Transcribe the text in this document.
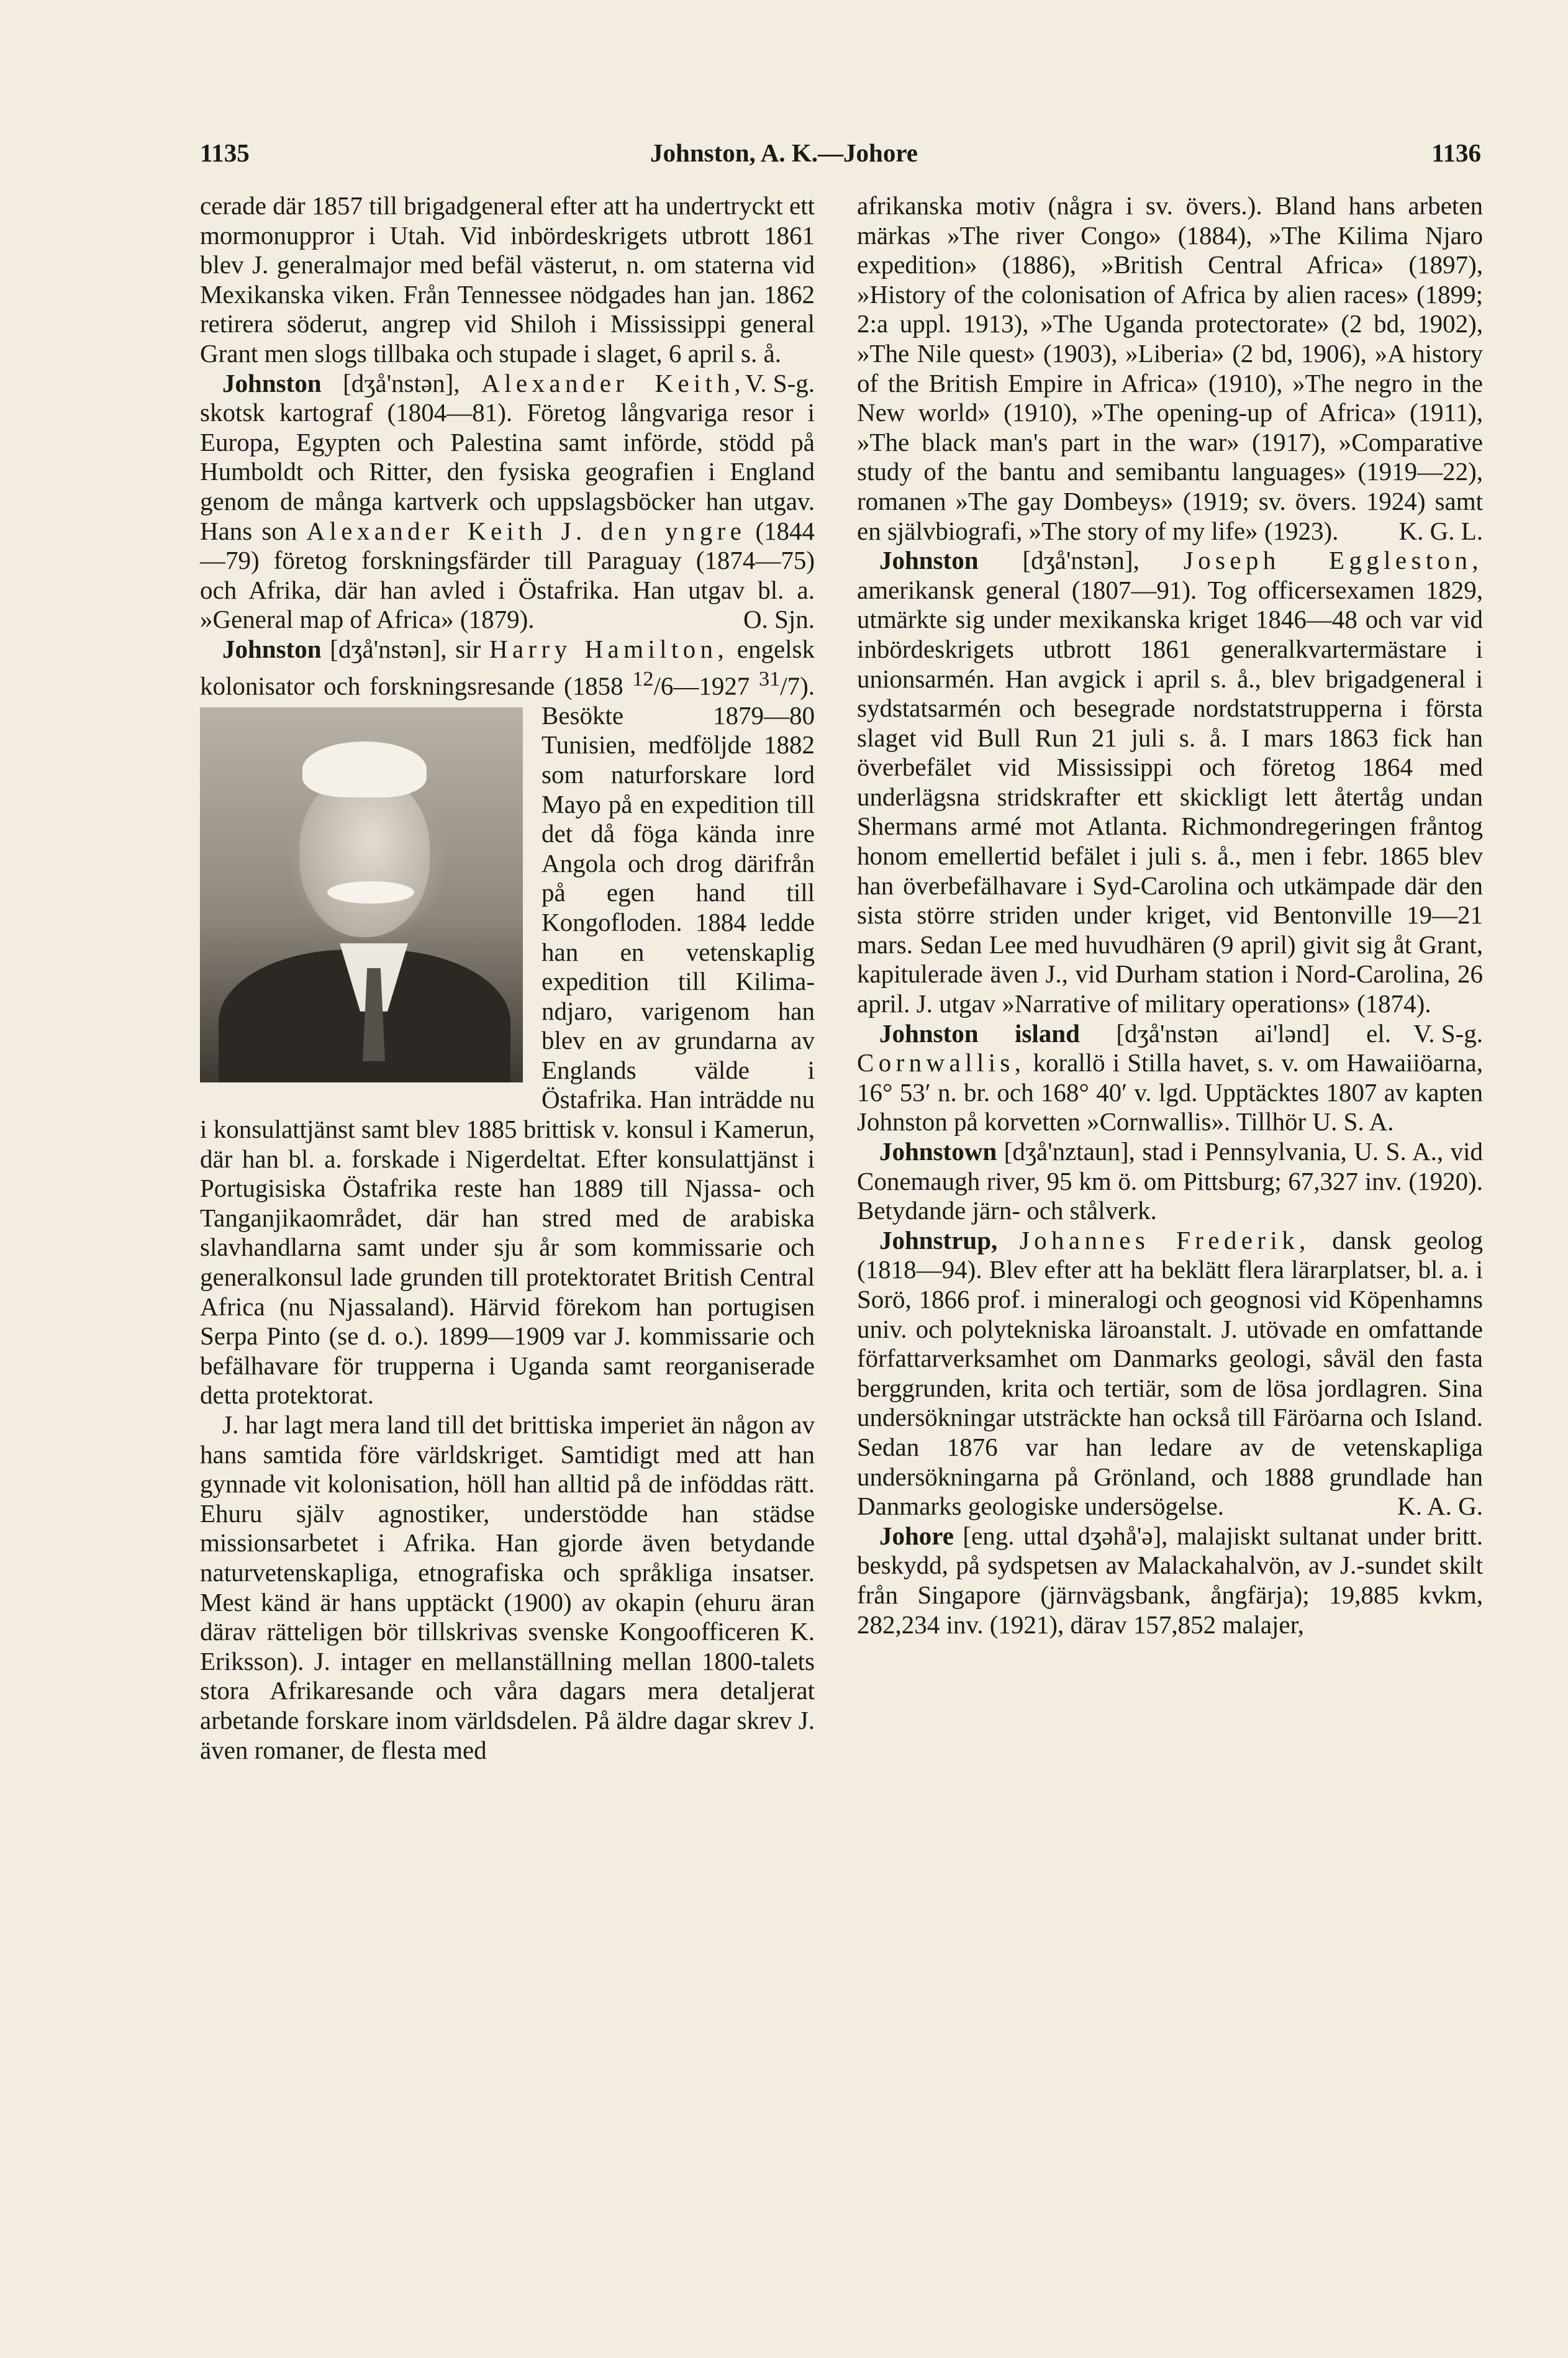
1135	Johnston, A. K.—Johore	1136

cerade där 1857 till brigadgeneral efter att ha undertryckt ett mormonuppror i Utah. Vid inbördeskrigets utbrott 1861 blev J. generalmajor med befäl västerut, n. om staterna vid Mexikanska viken. Från Tennessee nödgades han jan. 1862 retirera söderut, angrep vid Shiloh i Mississippi general Grant men slogs tillbaka och stupade i slaget, 6 april s. å.
V. S-g.

Johnston [dʒå'nstən], Alexander Keith, skotsk kartograf (1804—81). Företog långvariga resor i Europa, Egypten och Palestina samt införde, stödd på Humboldt och Ritter, den fysiska geografien i England genom de många kartverk och uppslagsböcker han utgav. Hans son Alexander Keith J. den yngre (1844—79) företog forskningsfärder till Paraguay (1874—75) och Afrika, där han avled i Östafrika. Han utgav bl. a. »General map of Africa» (1879).	O. Sjn.

Johnston [dʒå'nstən], sir Harry Hamilton, engelsk kolonisator och forskningsresande (1858 $^{12}$/6—1927 $^{31}$/7
). Besökte 1879—80 Tunisien, medföljde 1882 som naturforskare lord Mayo på en expedition till det då föga kända inre Angola och drog därifrån på egen hand till Kongofloden. 1884 ledde han en vetenskaplig expedition till Kilima-ndjaro, varigenom han blev en av grundarna av Englands välde i Östafrika. Han inträdde nu i konsulattjänst samt blev 1885 brittisk v. konsul i Kamerun, där han bl. a. forskade i Nigerdeltat. Efter konsulattjänst i Portugisiska Östafrika reste han 1889 till Njassa- och Tanganjikaområdet, där han stred med de arabiska slavhandlarna samt under sju år som kommissarie och generalkonsul lade grunden till protektoratet British Central Africa (nu Njassaland). Härvid förekom han portugisen Serpa Pinto (se d. o.). 1899—1909 var J. kommissarie och befälhavare för trupperna i Uganda samt reorganiserade detta protektorat.

J. har lagt mera land till det brittiska imperiet än någon av hans samtida före världskriget. Samtidigt med att han gynnade vit kolonisation, höll han alltid på de inföddas rätt. Ehuru själv agnostiker, understödde han städse missionsarbetet i Afrika. Han gjorde även betydande naturvetenskapliga, etnografiska och språkliga insatser. Mest känd är hans upptäckt (1900) av okapin (ehuru äran därav rätteligen bör tillskrivas svenske Kongoofficeren K. Eriksson). J. intager en mellanställning mellan 1800-talets stora Afrikaresande och våra dagars mera detaljerat arbetande forskare inom världsdelen. På äldre dagar skrev J. även romaner, de flesta med

afrikanska motiv (några i sv. övers.). Bland hans arbeten märkas »The river Congo» (1884), »The Kilima Njaro expedition» (1886), »British Central Africa» (1897), »History of the colonisation of Africa by alien races» (1899; 2:a uppl. 1913), »The Uganda protectorate» (2 bd, 1902), »The Nile quest» (1903), »Liberia» (2 bd, 1906), »A history of the British Empire in Africa» (1910), »The negro in the New world» (1910), »The opening-up of Africa» (1911), »The black man's part in the war» (1917), »Comparative study of the bantu and semibantu languages» (1919—22), romanen »The gay Dombeys» (1919; sv. övers. 1924) samt en självbiografi, »The story of my life» (1923). K. G. L.

Johnston [dʒå'nstən], Joseph Eggleston, amerikansk general (1807—91). Tog officersexamen 1829, utmärkte sig under mexikanska kriget 1846—48 och var vid inbördeskrigets utbrott 1861 generalkvartermästare i unionsarmén. Han avgick i april s. å., blev brigadgeneral i sydstatsarmén och besegrade nordstatstrupperna i första slaget vid Bull Run 21 juli s. å. I mars 1863 fick han överbefälet vid Mississippi och företog 1864 med underlägsna stridskrafter ett skickligt lett återtåg undan Shermans armé mot Atlanta. Richmondregeringen fråntog honom emellertid befälet i juli s. å., men i febr. 1865 blev han överbefälhavare i Syd-Carolina och utkämpade där den sista större striden under kriget, vid Bentonville 19—21 mars. Sedan Lee med huvudhären (9 april) givit sig åt Grant, kapitulerade även J., vid Durham station i Nord-Carolina, 26 april. J. utgav »Narrative of military operations» (1874).
V. S-g.

Johnston island [dʒå'nstən ai'lənd] el. Cornwallis, korallö i Stilla havet, s. v. om Hawaiiöarna, 16° 53′ n. br. och 168° 40′ v. lgd. Upptäcktes 1807 av kapten Johnston på korvetten »Cornwallis». Tillhör U. S. A.

Johnstown [dʒå'nztaun], stad i Pennsylvania, U. S. A., vid Conemaugh river, 95 km ö. om Pittsburg; 67,327 inv. (1920). Betydande järn- och stålverk.

Johnstrup, Johannes Frederik, dansk geolog (1818—94). Blev efter att ha beklätt flera lärarplatser, bl. a. i Sorö, 1866 prof. i mineralogi och geognosi vid Köpenhamns univ. och polytekniska läroanstalt. J. utövade en omfattande författarverksamhet om Danmarks geologi, såväl den fasta berggrunden, krita och tertiär, som de lösa jordlagren. Sina undersökningar utsträckte han också till Färöarna och Island. Sedan 1876 var han ledare av de vetenskapliga undersökningarna på Grönland, och 1888 grundlade han Danmarks geologiske undersögelse.	K. A. G.

Johore [eng. uttal dʒəhå'ə], malajiskt sultanat under britt. beskydd, på sydspetsen av Malackahalvön, av J.-sundet skilt från Singapore (järnvägsbank, ångfärja); 19,885 kvkm, 282,234 inv. (1921), därav 157,852 malajer,
